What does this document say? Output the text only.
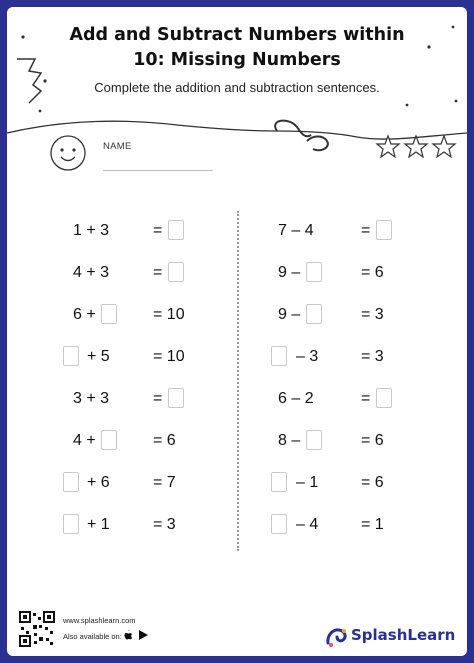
Add and Subtract Numbers within
10: Missing Numbers
Complete the addition and subtraction sentences.
NAME
1 + 3	=
4 + 3	=
6 +	= 10
+ 5	= 10
3 + 3	=
4 +	= 6
+ 6	= 7
+ 1	= 3
7 – 4	=
9 –	= 6
9 –	= 3
– 3	= 3
6 – 2	=
8 –	= 6
– 1	= 6
– 4	= 1
www.splashlearn.com
Also available on:	SplashLearn
